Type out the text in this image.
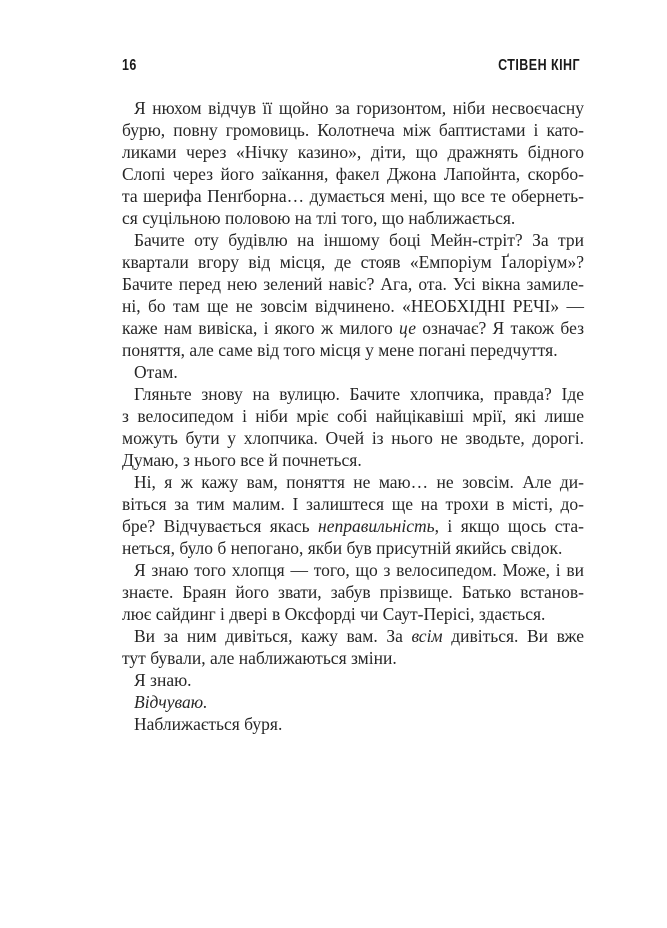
16	СТІВЕН КІНГ
Я нюхом відчув її щойно за горизонтом, ніби несвоєчасну
бурю, повну громовиць. Колотнеча між баптистами і като-
ликами через «Нічку казино», діти, що дражнять бідного
Слопі через його заїкання, факел Джона Лапойнта, скорбо-
та шерифа Пенґборна… думається мені, що все те обернеть-
ся суцільною половою на тлі того, що наближається.
Бачите оту будівлю на іншому боці Мейн-стріт? За три
квартали вгору від місця, де стояв «Емпоріум Ґалоріум»?
Бачите перед нею зелений навіс? Ага, ота. Усі вікна замиле-
ні, бо там ще не зовсім відчинено. «НЕОБХІДНІ РЕЧІ» —
каже нам вивіска, і якого ж милого це означає? Я також без
поняття, але саме від того місця у мене погані передчуття.
Отам.
Гляньте знову на вулицю. Бачите хлопчика, правда? Іде
з велосипедом і ніби мріє собі найцікавіші мрії, які лише
можуть бути у хлопчика. Очей із нього не зводьте, дорогі.
Думаю, з нього все й почнеться.
Ні, я ж кажу вам, поняття не маю… не зовсім. Але ди-
віться за тим малим. І залиштеся ще на трохи в місті, до-
бре? Відчувається якась неправильність, і якщо щось ста-
неться, було б непогано, якби був присутній якийсь свідок.
Я знаю того хлопця — того, що з велосипедом. Може, і ви
знаєте. Браян його звати, забув прізвище. Батько встанов-
лює сайдинг і двері в Оксфорді чи Саут-Перісі, здається.
Ви за ним дивіться, кажу вам. За всім дивіться. Ви вже
тут бували, але наближаються зміни.
Я знаю.
Відчуваю.
Наближається буря.
